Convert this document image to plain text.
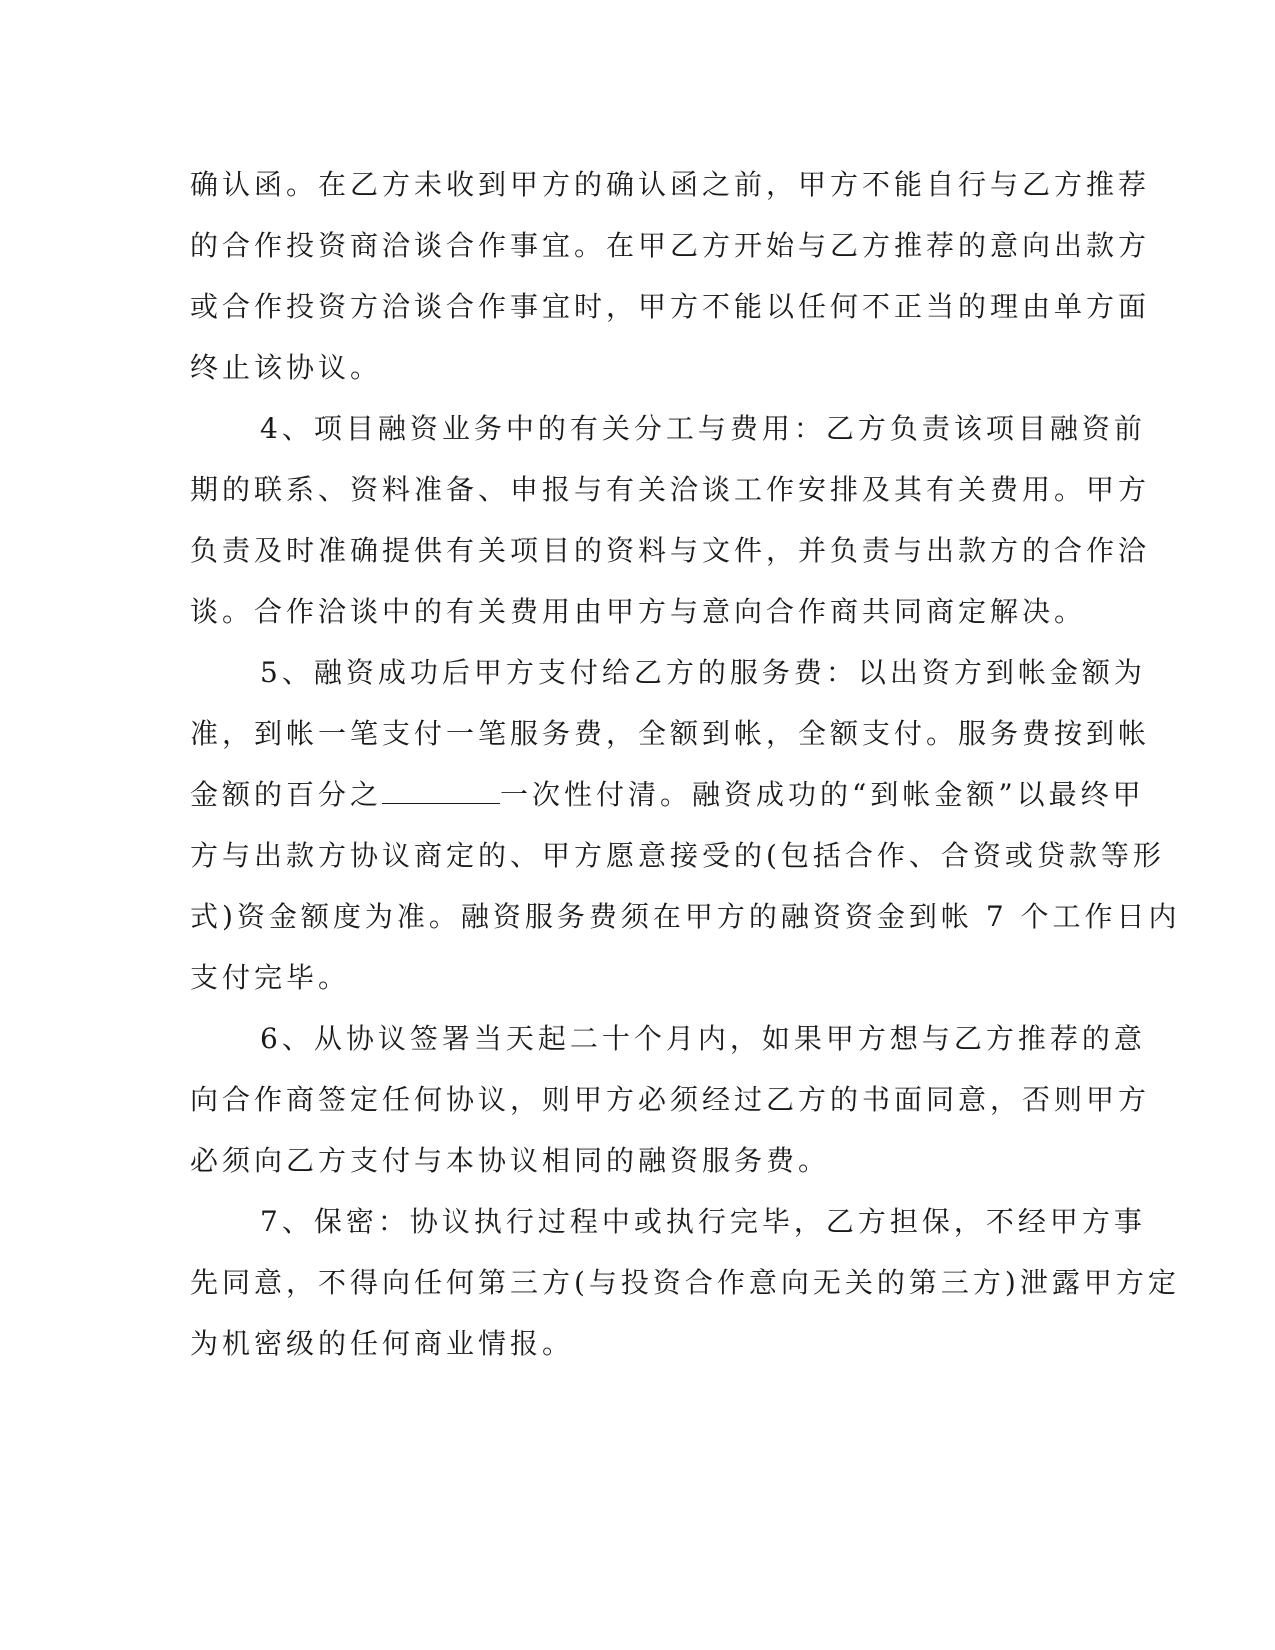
确认函。在乙方未收到甲方的确认函之前，甲方不能自行与乙方推荐
的合作投资商洽谈合作事宜。在甲乙方开始与乙方推荐的意向出款方
或合作投资方洽谈合作事宜时，甲方不能以任何不正当的理由单方面
终止该协议。
4、项目融资业务中的有关分工与费用：乙方负责该项目融资前
期的联系、资料准备、申报与有关洽谈工作安排及其有关费用。甲方
负责及时准确提供有关项目的资料与文件，并负责与出款方的合作洽
谈。合作洽谈中的有关费用由甲方与意向合作商共同商定解决。
5、融资成功后甲方支付给乙方的服务费：以出资方到帐金额为
准，到帐一笔支付一笔服务费，全额到帐，全额支付。服务费按到帐
金额的百分之	一次性付清。融资成功的“到帐金额”以最终甲
方与出款方协议商定的、甲方愿意接受的(包括合作、合资或贷款等形
式)资金额度为准。融资服务费须在甲方的融资资金到帐 7 个工作日内
支付完毕。
6、从协议签署当天起二十个月内，如果甲方想与乙方推荐的意
向合作商签定任何协议，则甲方必须经过乙方的书面同意，否则甲方
必须向乙方支付与本协议相同的融资服务费。
7、保密：协议执行过程中或执行完毕，乙方担保，不经甲方事
先同意，不得向任何第三方(与投资合作意向无关的第三方)泄露甲方定
为机密级的任何商业情报。
